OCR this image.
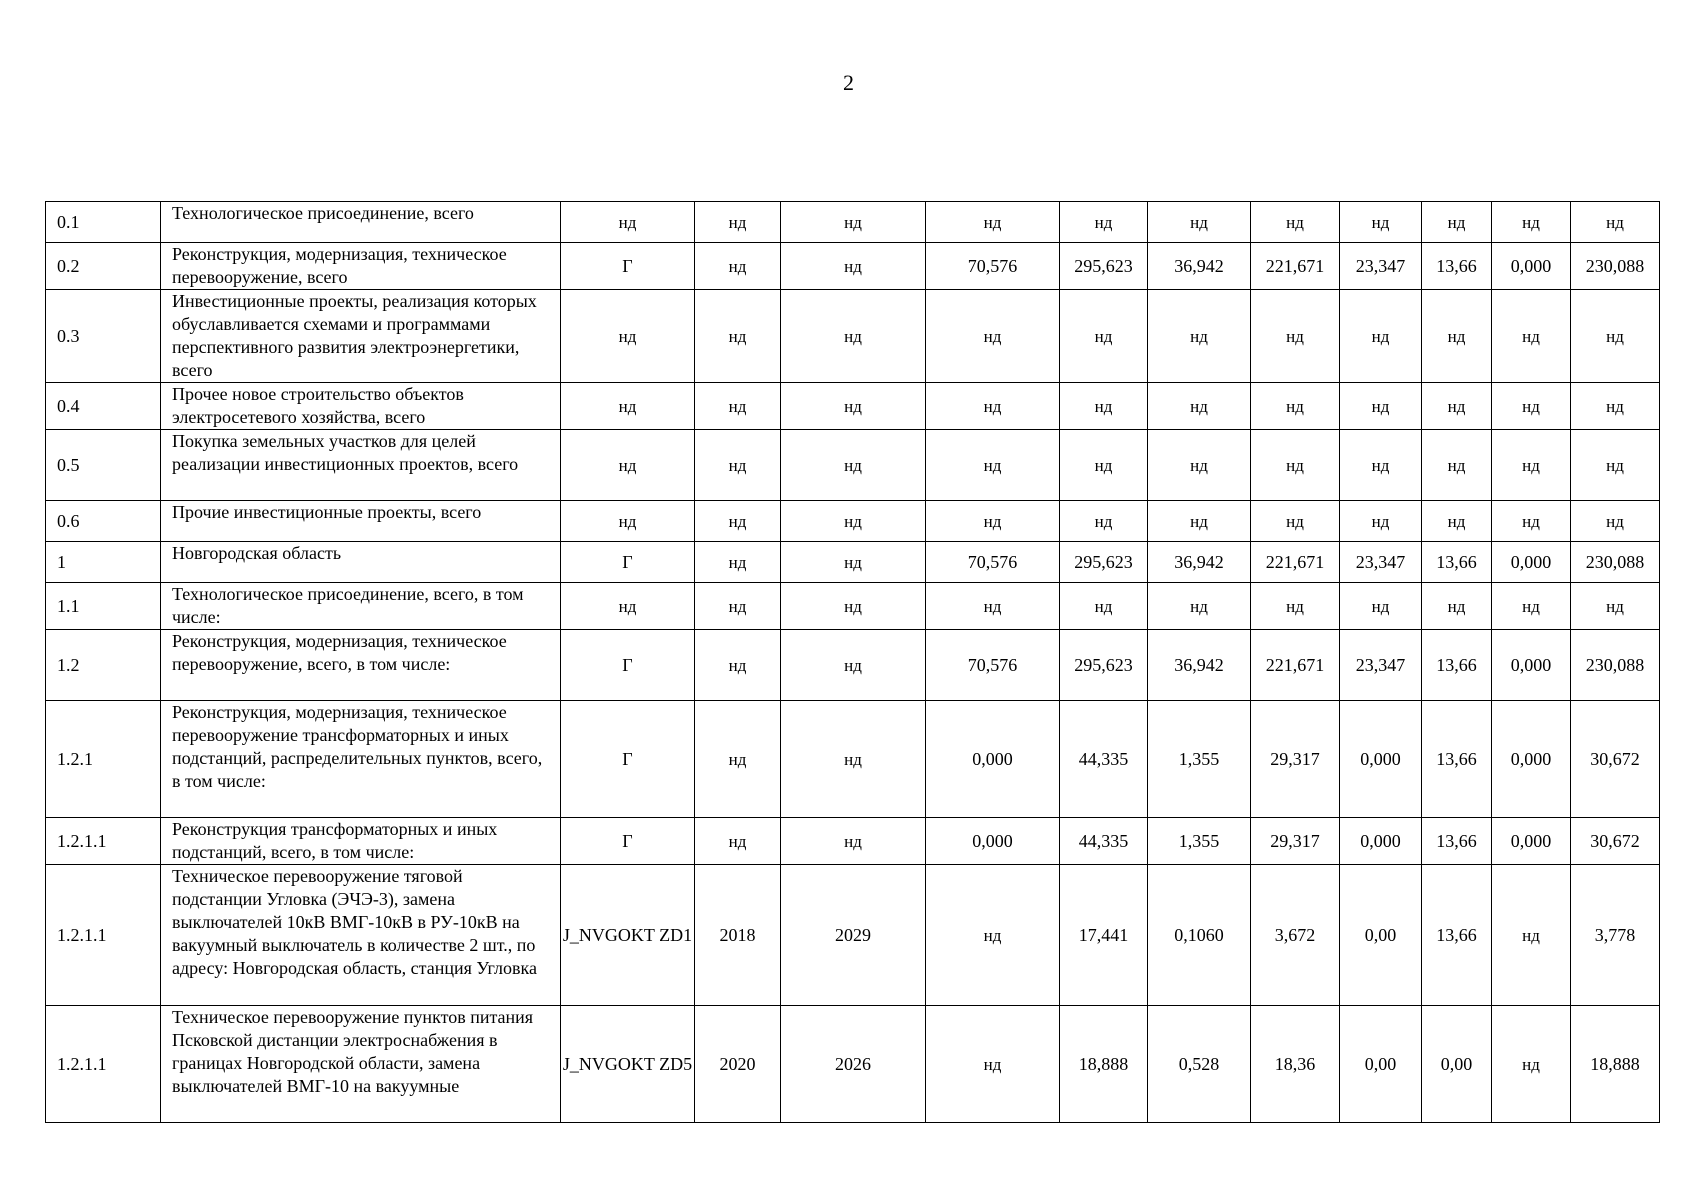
2
0.1	Технологическое присоединение, всего	нд	нд	нд	нд	нд	нд	нд	нд	нд	нд	нд
0.2	Реконструкция, модернизация, техническое перевооружение, всего	Г	нд	нд	70,576	295,623	36,942	221,671	23,347	13,66	0,000	230,088
0.3	Инвестиционные проекты, реализация которых обуславливается схемами и программами перспективного развития электроэнергетики, всего	нд	нд	нд	нд	нд	нд	нд	нд	нд	нд	нд
0.4	Прочее новое строительство объектов электросетевого хозяйства, всего	нд	нд	нд	нд	нд	нд	нд	нд	нд	нд	нд
0.5	Покупка земельных участков для целей реализации инвестиционных проектов, всего	нд	нд	нд	нд	нд	нд	нд	нд	нд	нд	нд
0.6	Прочие инвестиционные проекты, всего	нд	нд	нд	нд	нд	нд	нд	нд	нд	нд	нд
1	Новгородская область	Г	нд	нд	70,576	295,623	36,942	221,671	23,347	13,66	0,000	230,088
1.1	Технологическое присоединение, всего, в том числе:	нд	нд	нд	нд	нд	нд	нд	нд	нд	нд	нд
1.2	Реконструкция, модернизация, техническое перевооружение, всего, в том числе:	Г	нд	нд	70,576	295,623	36,942	221,671	23,347	13,66	0,000	230,088
1.2.1	Реконструкция, модернизация, техническое перевооружение трансформаторных и иных подстанций, распределительных пунктов, всего, в том числе:	Г	нд	нд	0,000	44,335	1,355	29,317	0,000	13,66	0,000	30,672
1.2.1.1	Реконструкция трансформаторных и иных подстанций, всего, в том числе:	Г	нд	нд	0,000	44,335	1,355	29,317	0,000	13,66	0,000	30,672
1.2.1.1	Техническое перевооружение тяговой подстанции Угловка (ЭЧЭ-3), замена выключателей 10кВ ВМГ-10кВ в РУ-10кВ на вакуумный выключатель в количестве 2 шт., по адресу: Новгородская область, станция Угловка	J_NVGOKT ZD1	2018	2029	нд	17,441	0,1060	3,672	0,00	13,66	нд	3,778
1.2.1.1	Техническое перевооружение пунктов питания Псковской дистанции электроснабжения в границах Новгородской области, замена выключателей ВМГ-10 на вакуумные	J_NVGOKT ZD5	2020	2026	нд	18,888	0,528	18,36	0,00	0,00	нд	18,888
